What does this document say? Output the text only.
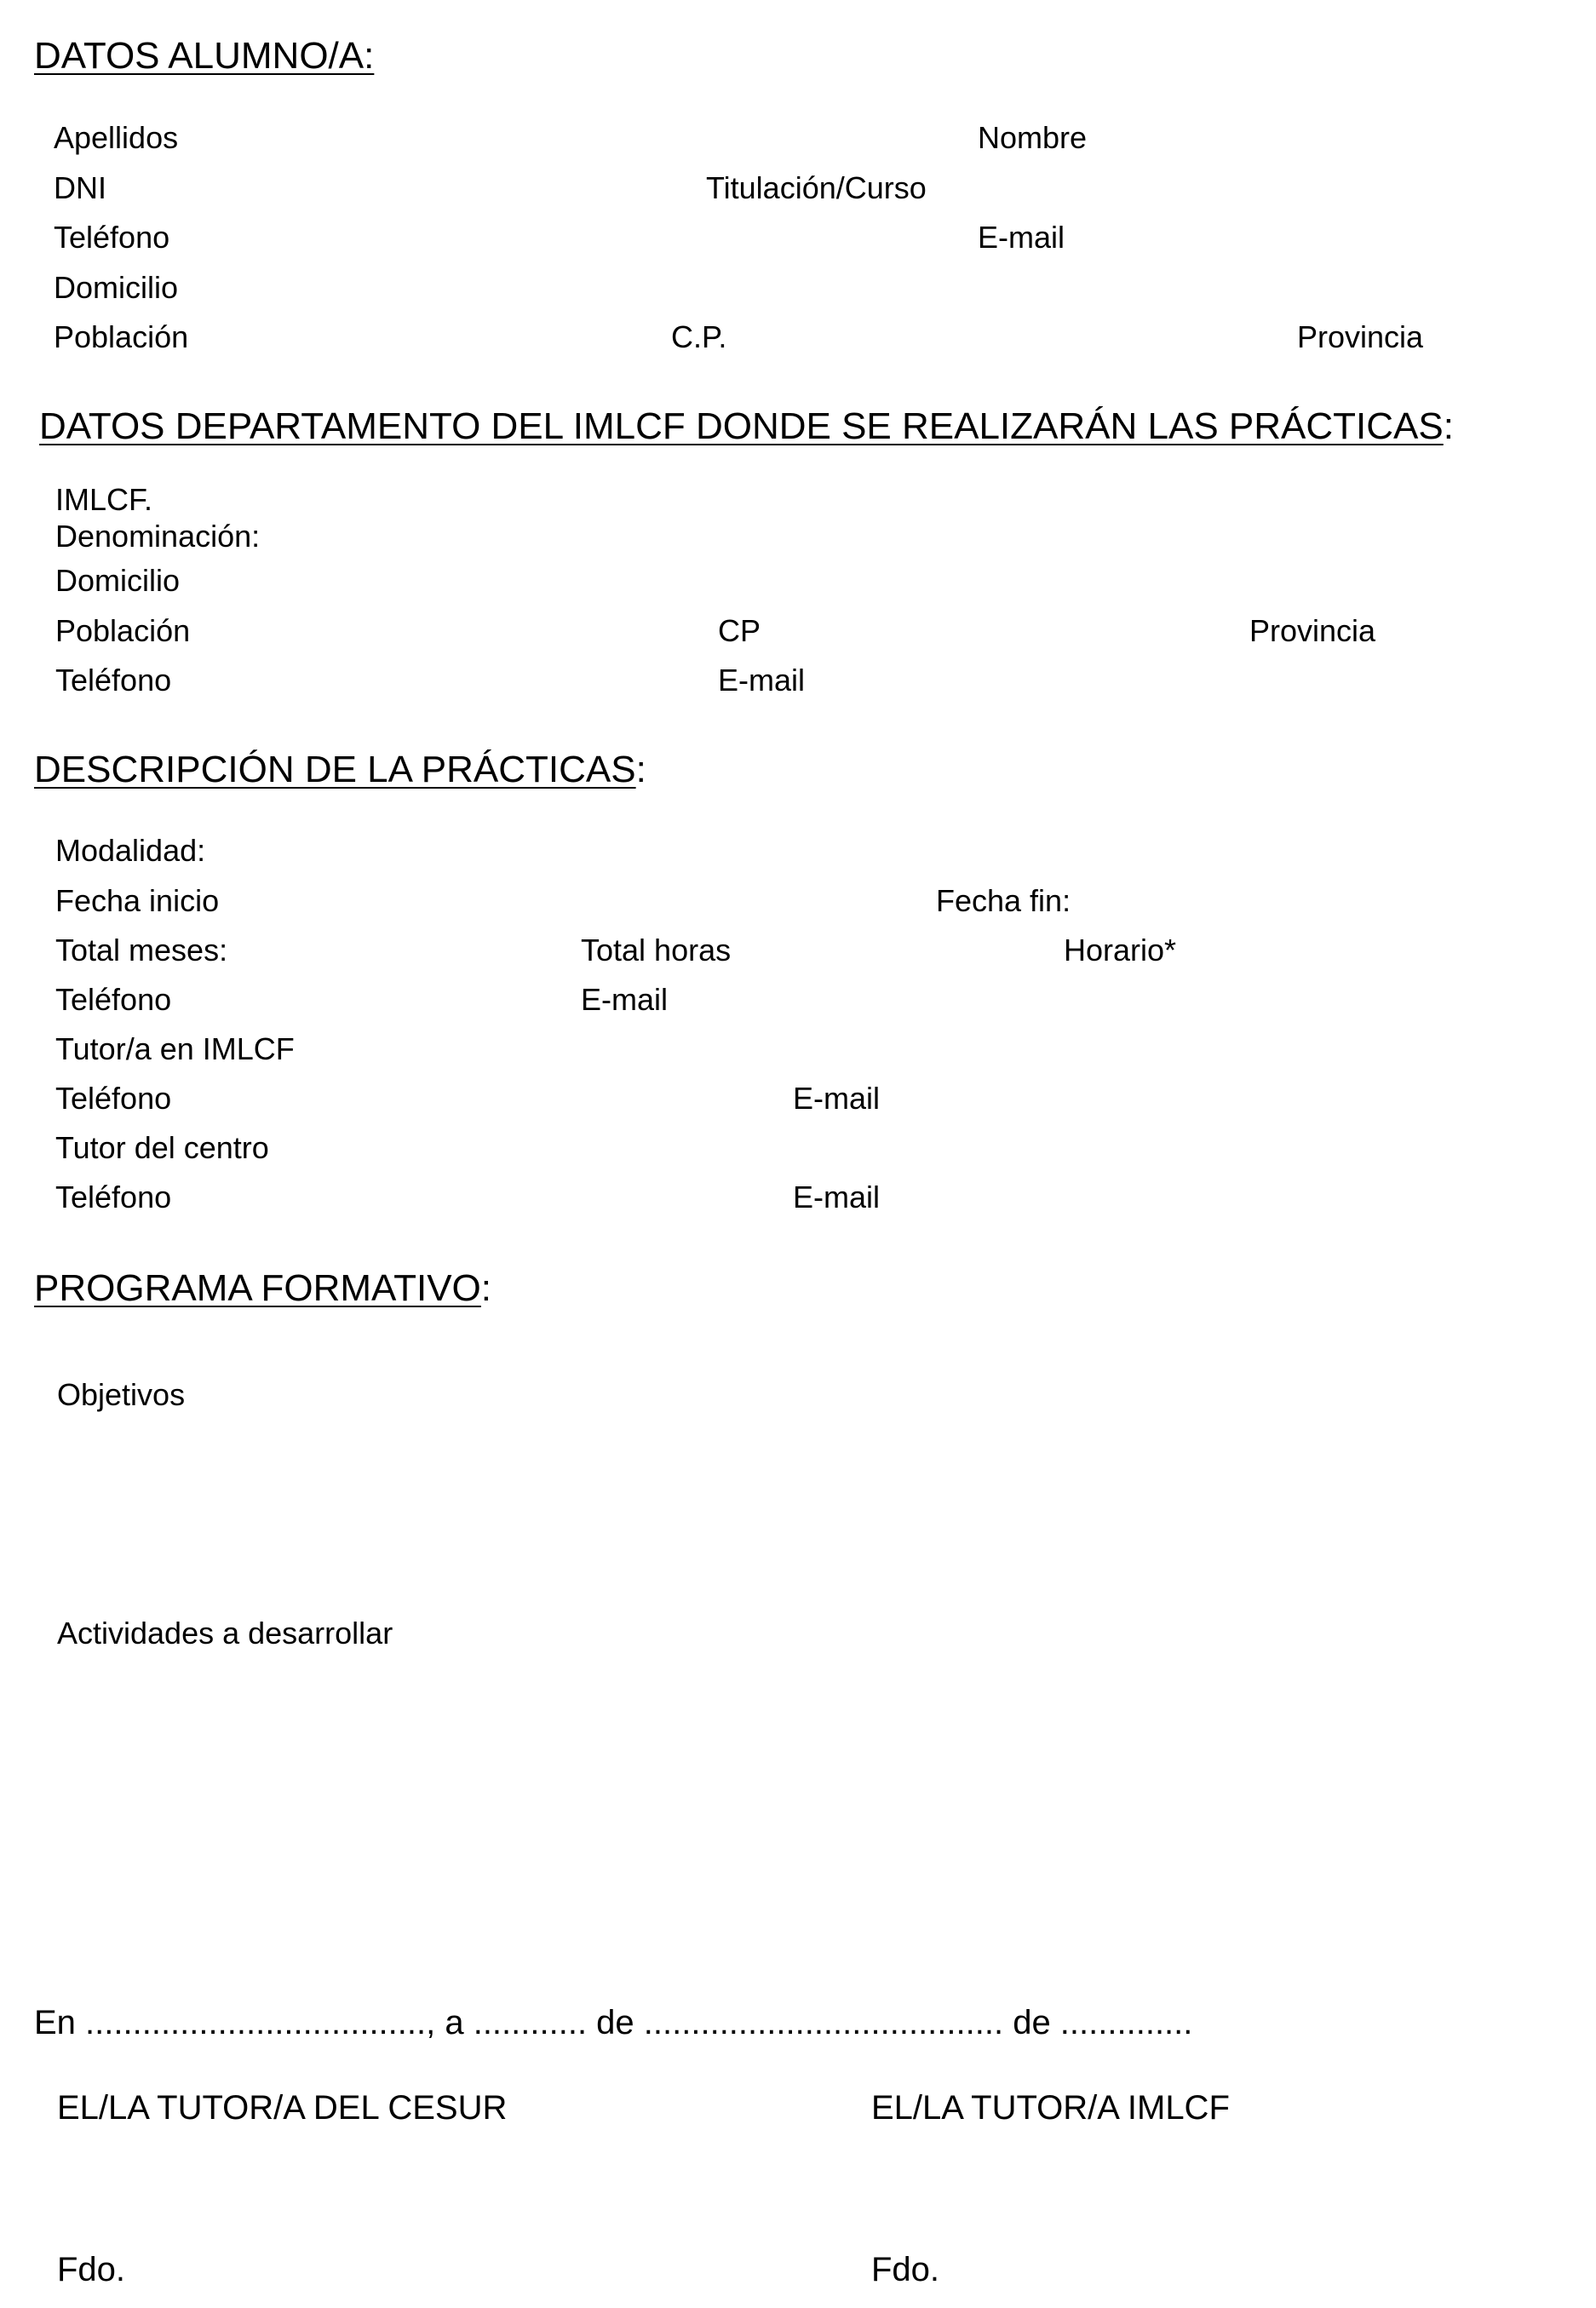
DATOS ALUMNO/A:
Apellidos	Nombre
DNI	Titulación/Curso
Teléfono	E-mail
Domicilio
Población	C.P.	Provincia
DATOS DEPARTAMENTO DEL IMLCF DONDE SE REALIZARÁN LAS PRÁCTICAS:
IMLCF.
Denominación:
Domicilio
Población	CP	Provincia
Teléfono	E-mail
DESCRIPCIÓN DE LA PRÁCTICAS:
Modalidad:
Fecha inicio	Fecha fin:
Total meses:	Total horas	Horario*
Teléfono	E-mail
Tutor/a en IMLCF
Teléfono	E-mail
Tutor del centro
Teléfono	E-mail
PROGRAMA FORMATIVO:
Objetivos
Actividades a desarrollar
En ...................................., a ............ de ...................................... de ..............
EL/LA TUTOR/A DEL CESUR	EL/LA TUTOR/A IMLCF
Fdo.	Fdo.
